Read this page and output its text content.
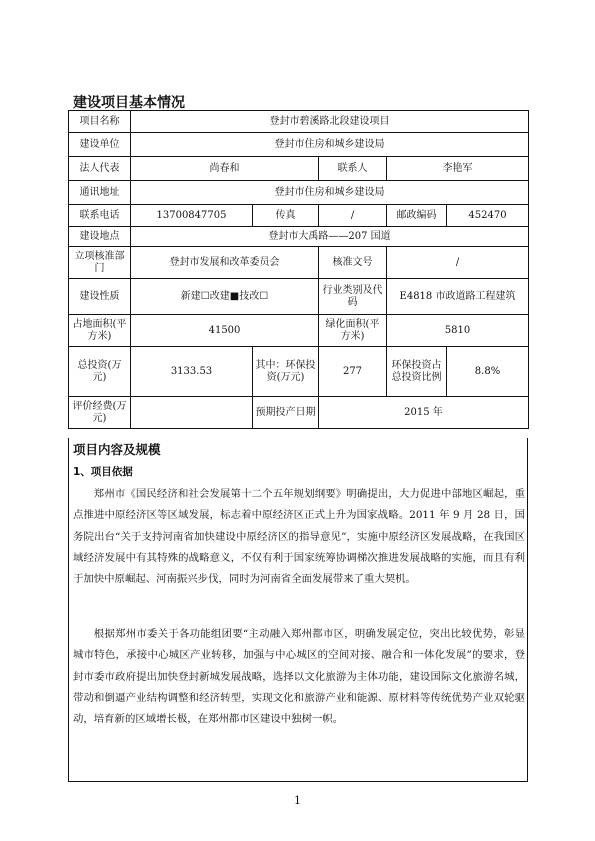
建设项目基本情况
项目名称	登封市碧溪路北段建设项目				
建设单位	登封市住房和城乡建设局				
法人代表	尚春和		联系人	李艳军	
通讯地址	登封市住房和城乡建设局				
联系电话	13700847705	传真	/	邮政编码	452470
建设地点	登封市大禹路——207 国道				
立项核准部　　门	登封市发展和改革委员会		核准文号	/	
建设性质	新建☐改建■技改☐		行业类别及代码	E4818 市政道路工程建筑	
占地面积(平方米)	41500		绿化面积(平方米)	5810	
总投资(万元)	3133.53	其中：环保投资(万元)	277	环保投资占总投资比例	8.8%
评价经费(万元)		预期投产日期	2015 年		
项目内容及规模
1、项目依据

郑州市《国民经济和社会发展第十二个五年规划纲要》明确提出，大力促进中部地区崛起，重点推进中原经济区等区域发展，标志着中原经济区正式上升为国家战略。2011 年 9 月 28 日，国务院出台“关于支持河南省加快建设中原经济区的指导意见”，实施中原经济区发展战略，在我国区域经济发展中有其特殊的战略意义，不仅有利于国家统筹协调梯次推进发展战略的实施，而且有利于加快中原崛起、河南振兴步伐，同时为河南省全面发展带来了重大契机。

根据郑州市委关于各功能组团要“主动融入郑州都市区，明确发展定位，突出比较优势，彰显城市特色，承接中心城区产业转移，加强与中心城区的空间对接、融合和一体化发展”的要求，登封市委市政府提出加快登封新城发展战略，选择以文化旅游为主体功能，建设国际文化旅游名城，带动和倒逼产业结构调整和经济转型，实现文化和旅游产业和能源、原材料等传统优势产业双轮驱动，培育新的区域增长极，在郑州都市区建设中独树一帜。

1
